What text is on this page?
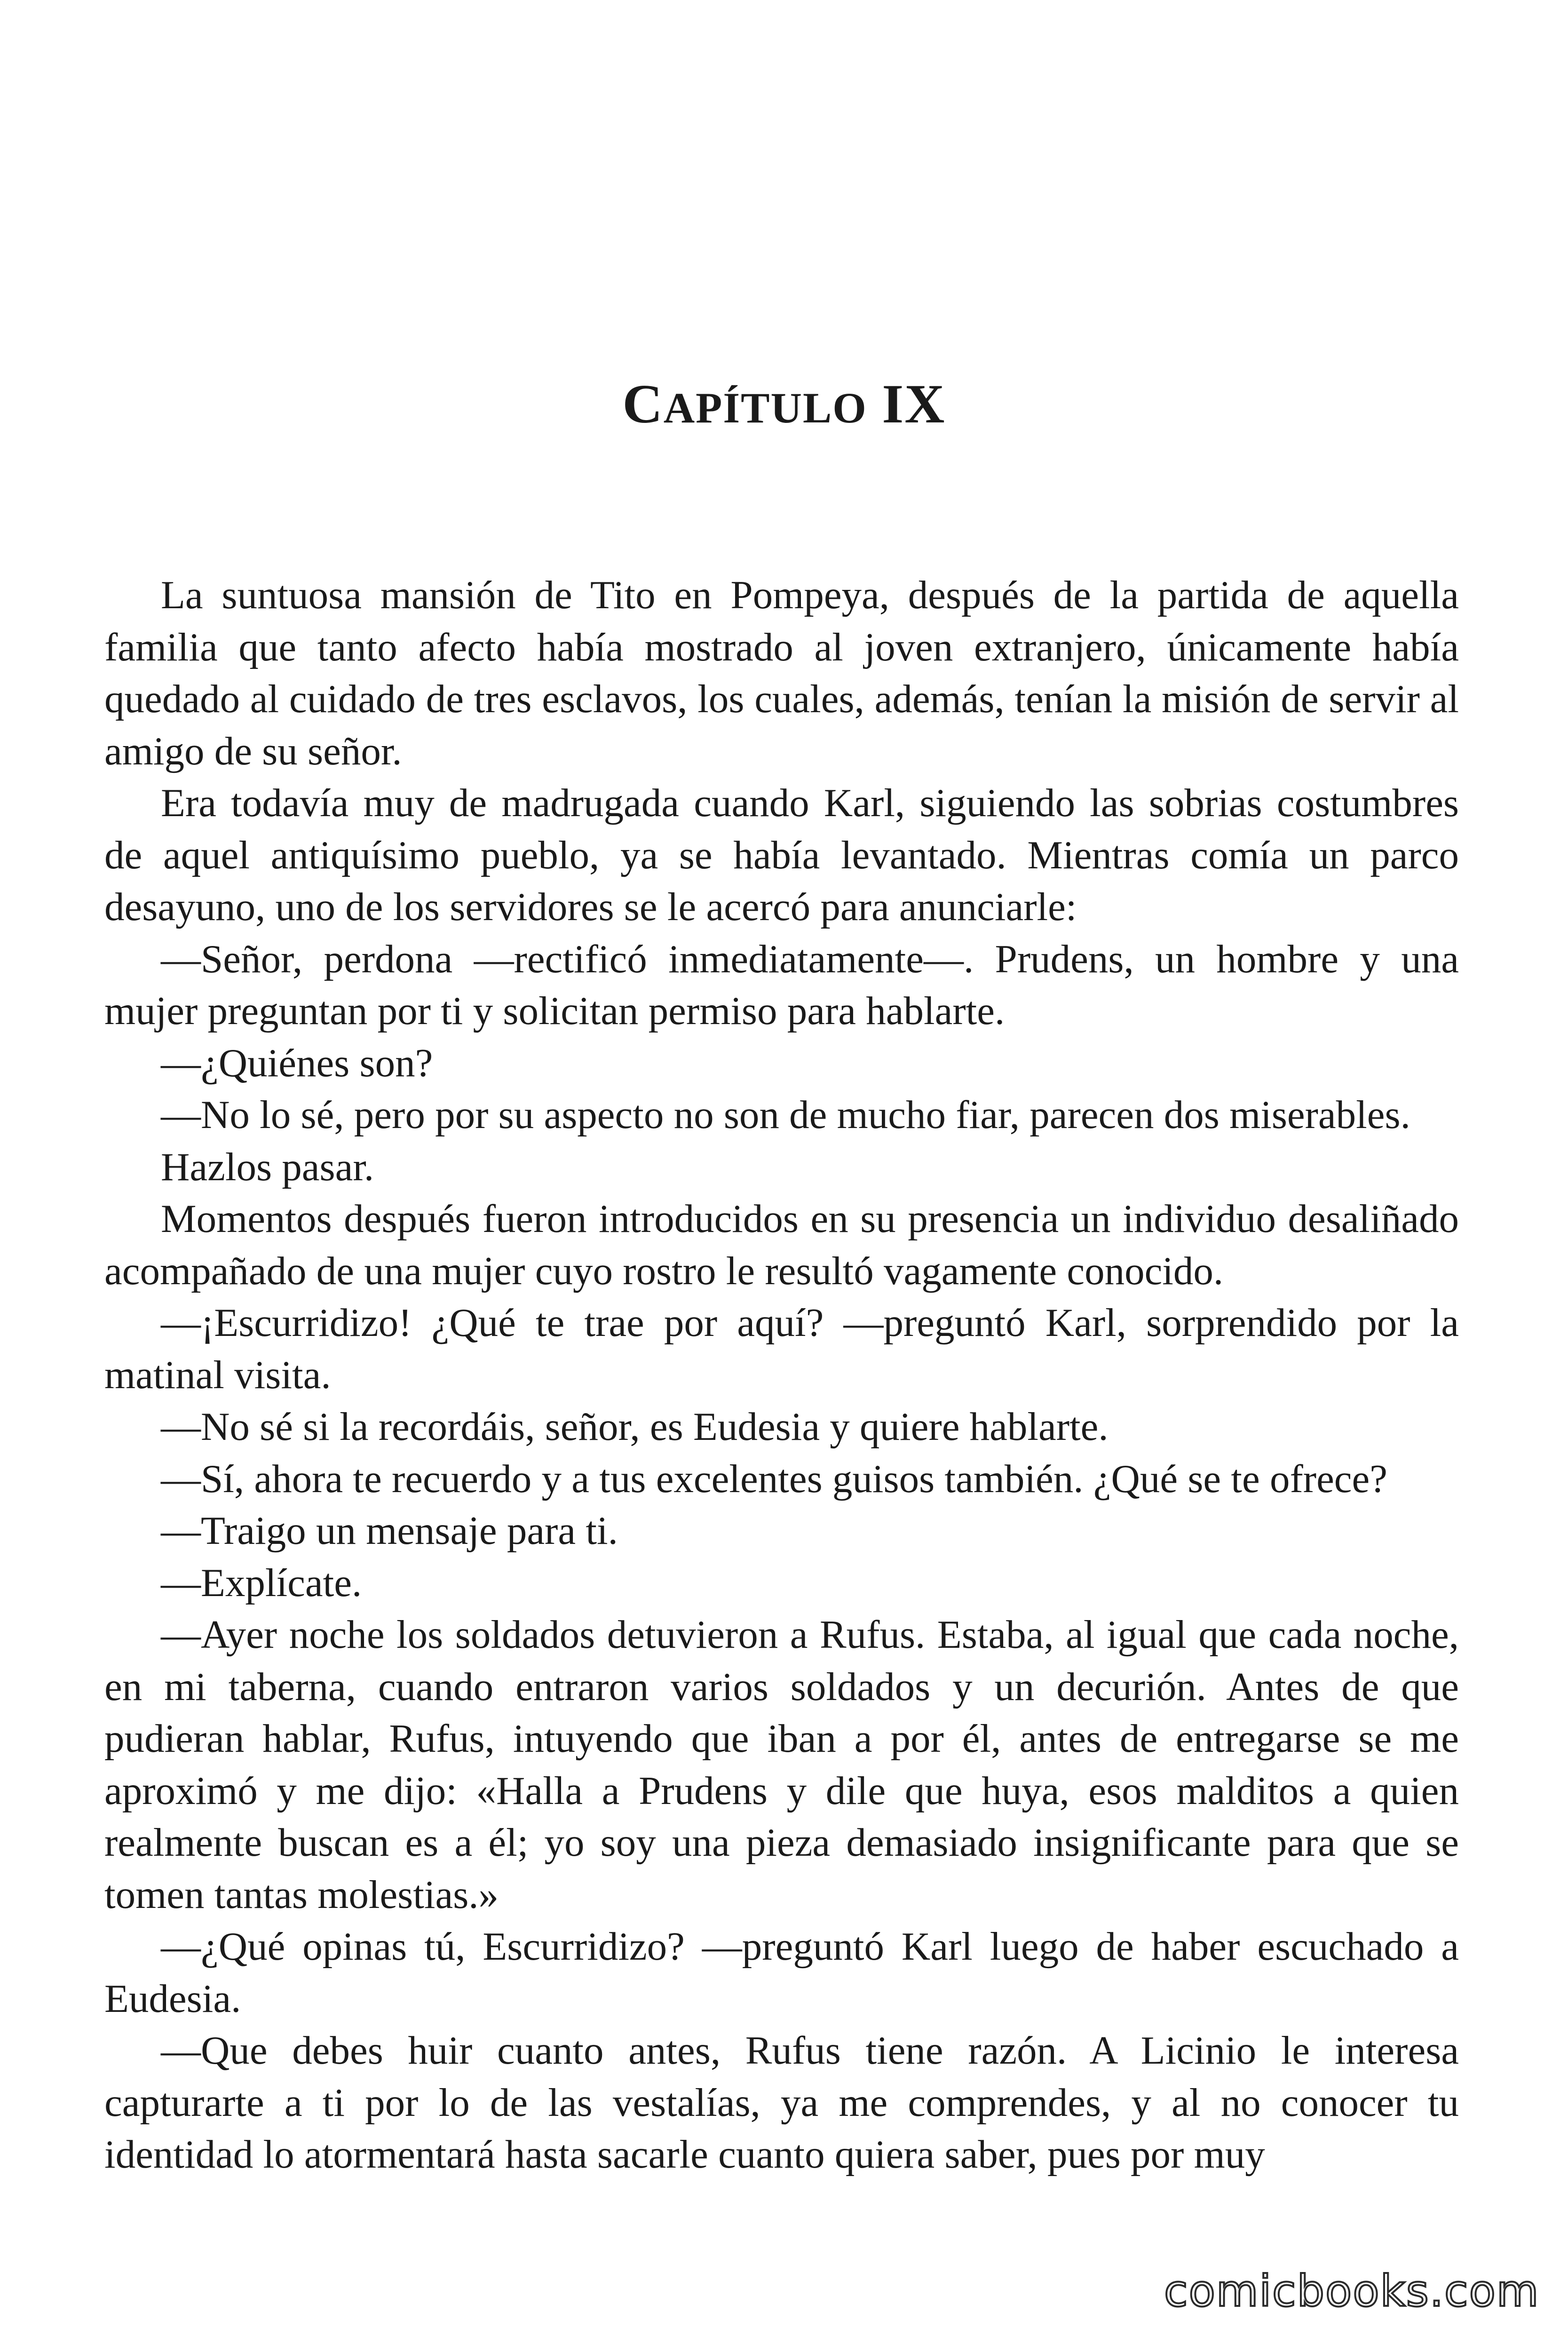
CAPÍTULO IX

La suntuosa mansión de Tito en Pompeya, después de la partida de aquella familia que tanto afecto había mostrado al joven extranjero, únicamente había quedado al cuidado de tres esclavos, los cuales, además, tenían la misión de servir al amigo de su señor.

Era todavía muy de madrugada cuando Karl, siguiendo las sobrias costumbres de aquel antiquísimo pueblo, ya se había levantado. Mientras comía un parco desayuno, uno de los servidores se le acercó para anunciarle:

—Señor, perdona —rectificó inmediatamente—. Prudens, un hombre y una mujer preguntan por ti y solicitan permiso para hablarte.

—¿Quiénes son?

—No lo sé, pero por su aspecto no son de mucho fiar, parecen dos miserables.

Hazlos pasar.

Momentos después fueron introducidos en su presencia un individuo desaliñado acompañado de una mujer cuyo rostro le resultó vagamente conocido.

—¡Escurridizo! ¿Qué te trae por aquí? —preguntó Karl, sorprendido por la matinal visita.

—No sé si la recordáis, señor, es Eudesia y quiere hablarte.

—Sí, ahora te recuerdo y a tus excelentes guisos también. ¿Qué se te ofrece?

—Traigo un mensaje para ti.

—Explícate.

—Ayer noche los soldados detuvieron a Rufus. Estaba, al igual que cada noche, en mi taberna, cuando entraron varios soldados y un decurión. Antes de que pudieran hablar, Rufus, intuyendo que iban a por él, antes de entregarse se me aproximó y me dijo: «Halla a Prudens y dile que huya, esos malditos a quien realmente buscan es a él; yo soy una pieza demasiado insignificante para que se tomen tantas molestias.»

—¿Qué opinas tú, Escurridizo? —preguntó Karl luego de haber escuchado a Eudesia.

—Que debes huir cuanto antes, Rufus tiene razón. A Licinio le interesa capturarte a ti por lo de las vestalías, ya me comprendes, y al no conocer tu identidad lo atormentará hasta sacarle cuanto quiera saber, pues por muy

comicbooks.com
